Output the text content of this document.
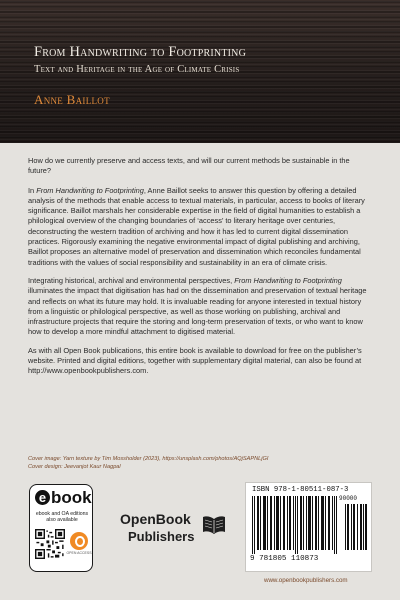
From Handwriting to Footprinting
Text and Heritage in the Age of Climate Crisis
Anne Baillot

How do we currently preserve and access texts, and will our current methods be sustainable in the future?

In From Handwriting to Footprinting, Anne Baillot seeks to answer this question by offering a detailed analysis of the methods that enable access to textual materials, in particular, access to books of literary significance. Baillot marshals her considerable expertise in the field of digital humanities to establish a philological overview of the changing boundaries of ‘access’ to literary heritage over centuries, deconstructing the western tradition of archiving and how it has led to current digital dissemination practices. Rigorously examining the negative environmental impact of digital publishing and archiving, Baillot proposes an alternative model of preservation and dissemination which reconciles fundamental traditions with the values of social responsibility and sustainability in an era of climate crisis.

Integrating historical, archival and environmental perspectives, From Handwriting to Footprinting illuminates the impact that digitisation has had on the dissemination and preservation of textual heritage and reflects on what its future may hold. It is invaluable reading for anyone interested in textual history from a linguistic or philological perspective, as well as those working on publishing, archival and infrastructure projects that require the storing and long-term preservation of texts, or who want to know how to develop a more mindful attachment to digitised material.

As with all Open Book publications, this entire book is available to download for free on the publisher’s website. Printed and digital editions, together with supplementary digital material, can also be found at http://www.openbookpublishers.com.

Cover image: Yarn texture by Tim Mossholder (2023), https://unsplash.com/photos/AQjSAPNLjGI
Cover design: Jeevanjot Kaur Nagpal
e book
ebook and OA editions also available
OPEN ACCESS
OpenBook
Publishers
ISBN 978-1-80511-087-3
9 781805 110873
90000
www.openbookpublishers.com
